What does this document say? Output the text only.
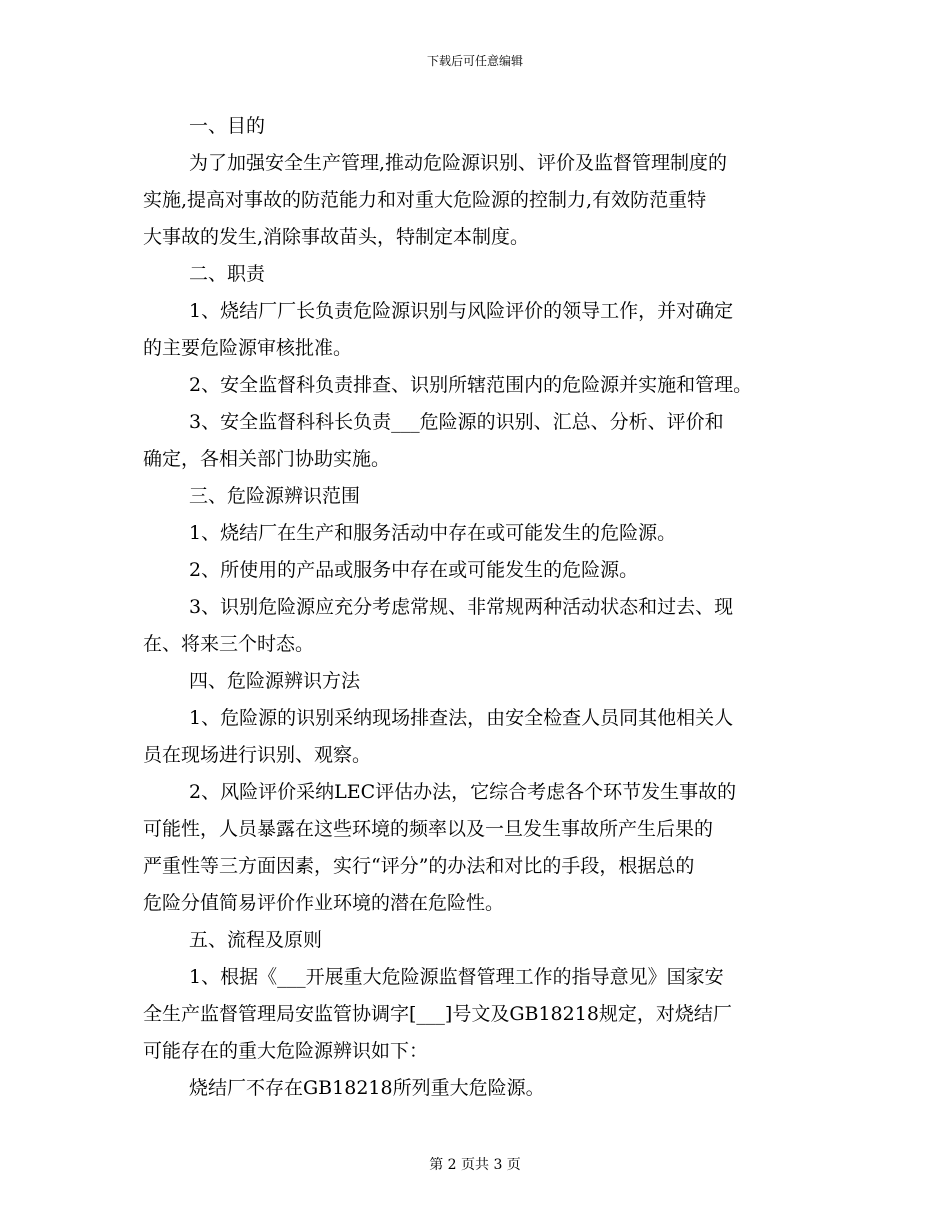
下载后可任意编辑
一、目的
为了加强安全生产管理,推动危险源识别、评价及监督管理制度的
实施,提高对事故的防范能力和对重大危险源的控制力,有效防范重特
大事故的发生,消除事故苗头，特制定本制度。
二、职责
1、烧结厂厂长负责危险源识别与风险评价的领导工作，并对确定
的主要危险源审核批准。
2、安全监督科负责排查、识别所辖范围内的危险源并实施和管理。
3、安全监督科科长负责___危险源的识别、汇总、分析、评价和
确定，各相关部门协助实施。
三、危险源辨识范围
1、烧结厂在生产和服务活动中存在或可能发生的危险源。
2、所使用的产品或服务中存在或可能发生的危险源。
3、识别危险源应充分考虑常规、非常规两种活动状态和过去、现
在、将来三个时态。
四、危险源辨识方法
1、危险源的识别采纳现场排查法，由安全检查人员同其他相关人
员在现场进行识别、观察。
2、风险评价采纳LEC评估办法，它综合考虑各个环节发生事故的
可能性，人员暴露在这些环境的频率以及一旦发生事故所产生后果的
严重性等三方面因素，实行“评分”的办法和对比的手段，根据总的
危险分值简易评价作业环境的潜在危险性。
五、流程及原则
1、根据《___开展重大危险源监督管理工作的指导意见》国家安
全生产监督管理局安监管协调字[___]号文及GB18218规定，对烧结厂
可能存在的重大危险源辨识如下：
烧结厂不存在GB18218所列重大危险源。
第 2 页共 3 页
